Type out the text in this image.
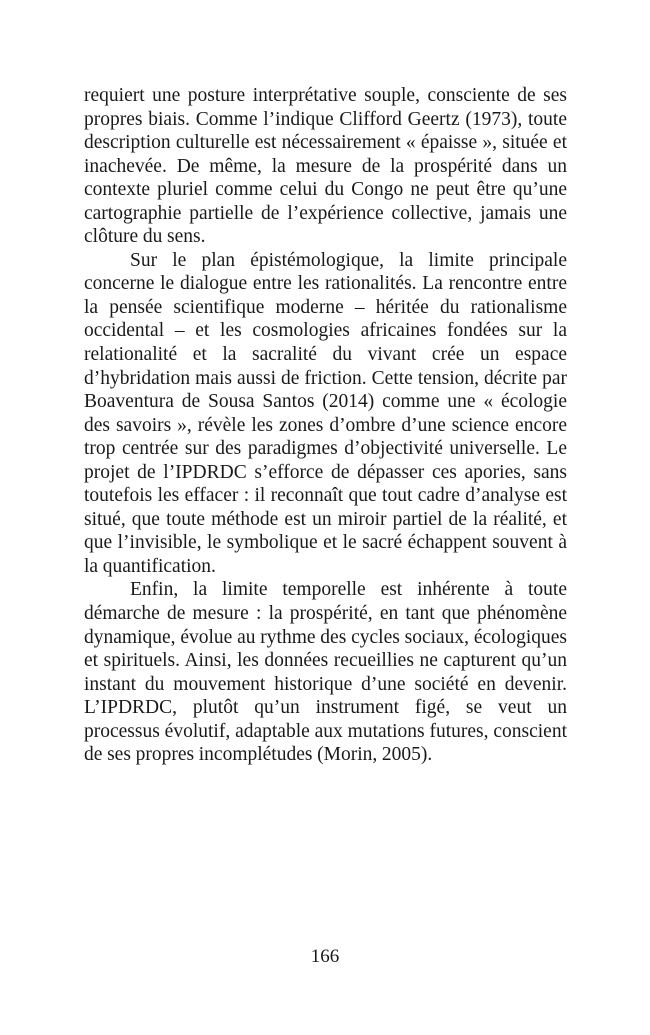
requiert une posture interprétative souple, consciente de ses propres biais. Comme l’indique Clifford Geertz (1973), toute description culturelle est nécessairement « épaisse », située et inachevée. De même, la mesure de la prospérité dans un contexte pluriel comme celui du Congo ne peut être qu’une cartographie partielle de l’expérience collective, jamais une clôture du sens.

Sur le plan épistémologique, la limite principale concerne le dialogue entre les rationalités. La rencontre entre la pensée scientifique moderne – héritée du rationalisme occidental – et les cosmologies africaines fondées sur la relationalité et la sacralité du vivant crée un espace d’hybridation mais aussi de friction. Cette tension, décrite par Boaventura de Sousa Santos (2014) comme une « écologie des savoirs », révèle les zones d’ombre d’une science encore trop centrée sur des paradigmes d’objectivité universelle. Le projet de l’IPDRDC s’efforce de dépasser ces apories, sans toutefois les effacer : il reconnaît que tout cadre d’analyse est situé, que toute méthode est un miroir partiel de la réalité, et que l’invisible, le symbolique et le sacré échappent souvent à la quantification.

Enfin, la limite temporelle est inhérente à toute démarche de mesure : la prospérité, en tant que phénomène dynamique, évolue au rythme des cycles sociaux, écologiques et spirituels. Ainsi, les données recueillies ne capturent qu’un instant du mouvement historique d’une société en devenir. L’IPDRDC, plutôt qu’un instrument figé, se veut un processus évolutif, adaptable aux mutations futures, conscient de ses propres incomplétudes (Morin, 2005).

166
